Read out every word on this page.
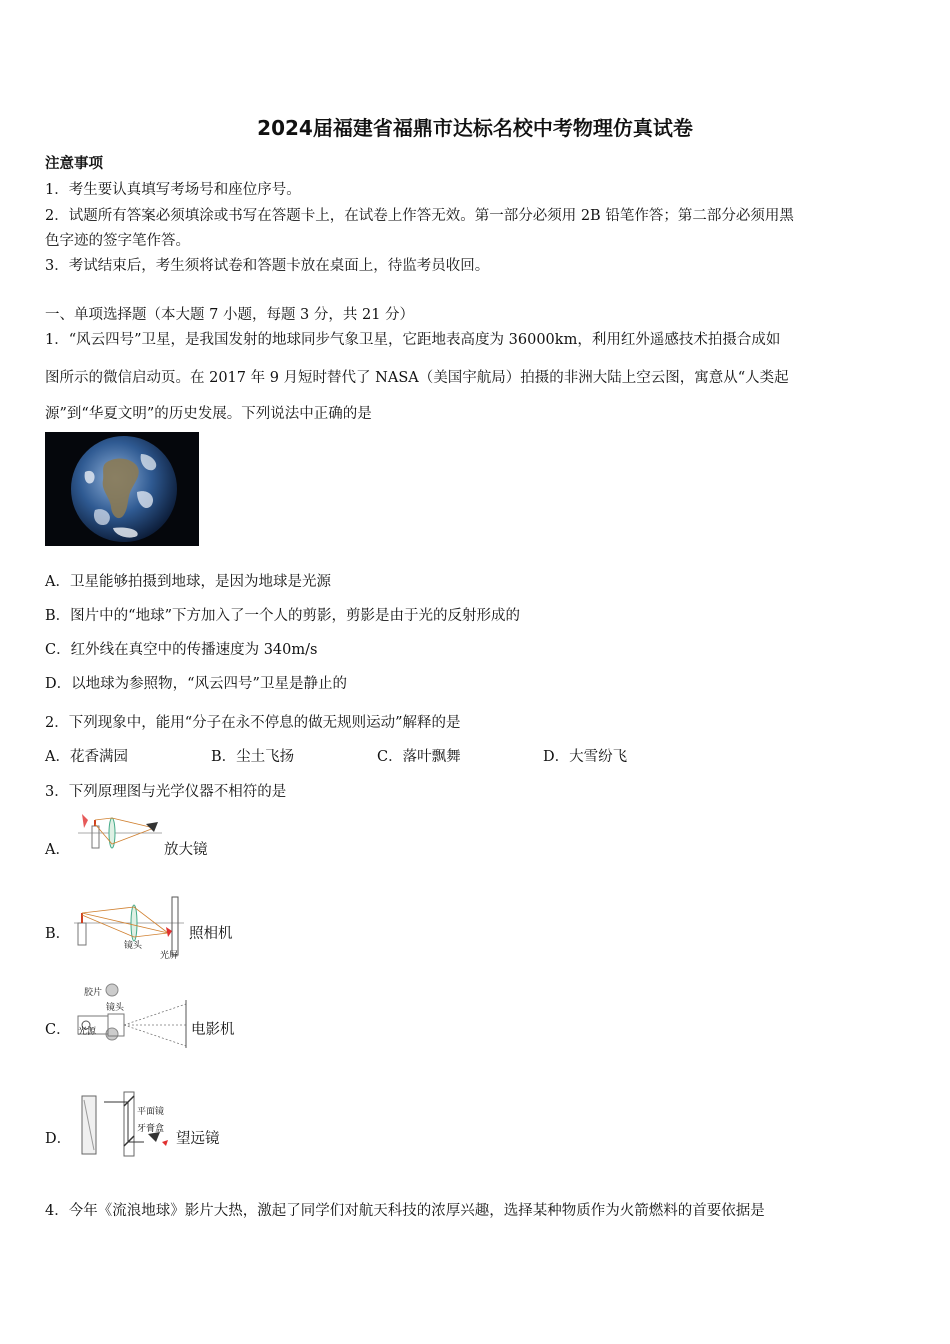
2024届福建省福鼎市达标名校中考物理仿真试卷
注意事项
1．考生要认真填写考场号和座位序号。
2．试题所有答案必须填涂或书写在答题卡上，在试卷上作答无效。第一部分必须用 2B 铅笔作答；第二部分必须用黑
色字迹的签字笔作答。
3．考试结束后，考生须将试卷和答题卡放在桌面上，待监考员收回。
一、单项选择题（本大题 7 小题，每题 3 分，共 21 分）
1．“风云四号”卫星，是我国发射的地球同步气象卫星，它距地表高度为 36000km，利用红外遥感技术拍摄合成如
图所示的微信启动页。在 2017 年 9 月短时替代了 NASA（美国宇航局）拍摄的非洲大陆上空云图，寓意从“人类起
源”到“华夏文明”的历史发展。下列说法中正确的是
A．卫星能够拍摄到地球，是因为地球是光源
B．图片中的“地球”下方加入了一个人的剪影，剪影是由于光的反射形成的
C．红外线在真空中的传播速度为 340m/s
D．以地球为参照物，“风云四号”卫星是静止的
2．下列现象中，能用“分子在永不停息的做无规则运动”解释的是
A．花香满园	B．尘土飞扬	C．落叶飘舞	D．大雪纷飞
3．下列原理图与光学仪器不相符的是
A．	放大镜
B．
镜头
光屏
照相机
C．
胶片
镜头
光源	电影机
D．
平面镜
牙膏盒
望远镜
4．今年《流浪地球》影片大热，激起了同学们对航天科技的浓厚兴趣，选择某种物质作为火箭燃料的首要依据是
